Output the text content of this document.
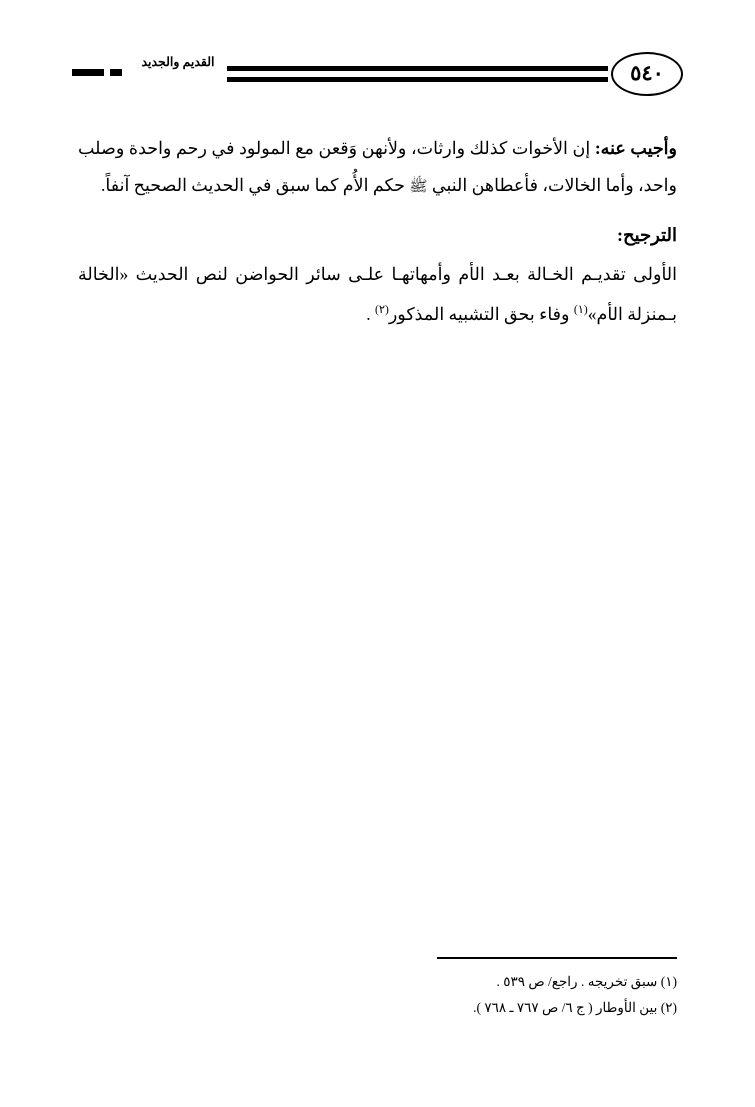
القديم والجديد	٥٤٠

وأجيب عنه: إن الأخوات كذلك وارثات، ولأنهن وَقعن مع المولود في رحم واحدة وصلب واحد، وأما الخالات، فأعطاهن النبي ﷺ حكم الأُم كما سبق في الحديث الصحيح آنفاً.

الترجيح:

الأولى تقديـم الخـالة بعـد الأم وأمهاتهـا علـى سائر الحواضن لنص الحديث «الخالة بـمنزلة الأم»$^{(١)}$ وفاء بحق التشبيه المذكور$^{(٢)}$ .

(١) سبق تخريجه . راجع/ ص ٥٣٩ .
(٢) بين الأوطار ( ج ٦/ ص ٧٦٧ ـ ٧٦٨ ).
